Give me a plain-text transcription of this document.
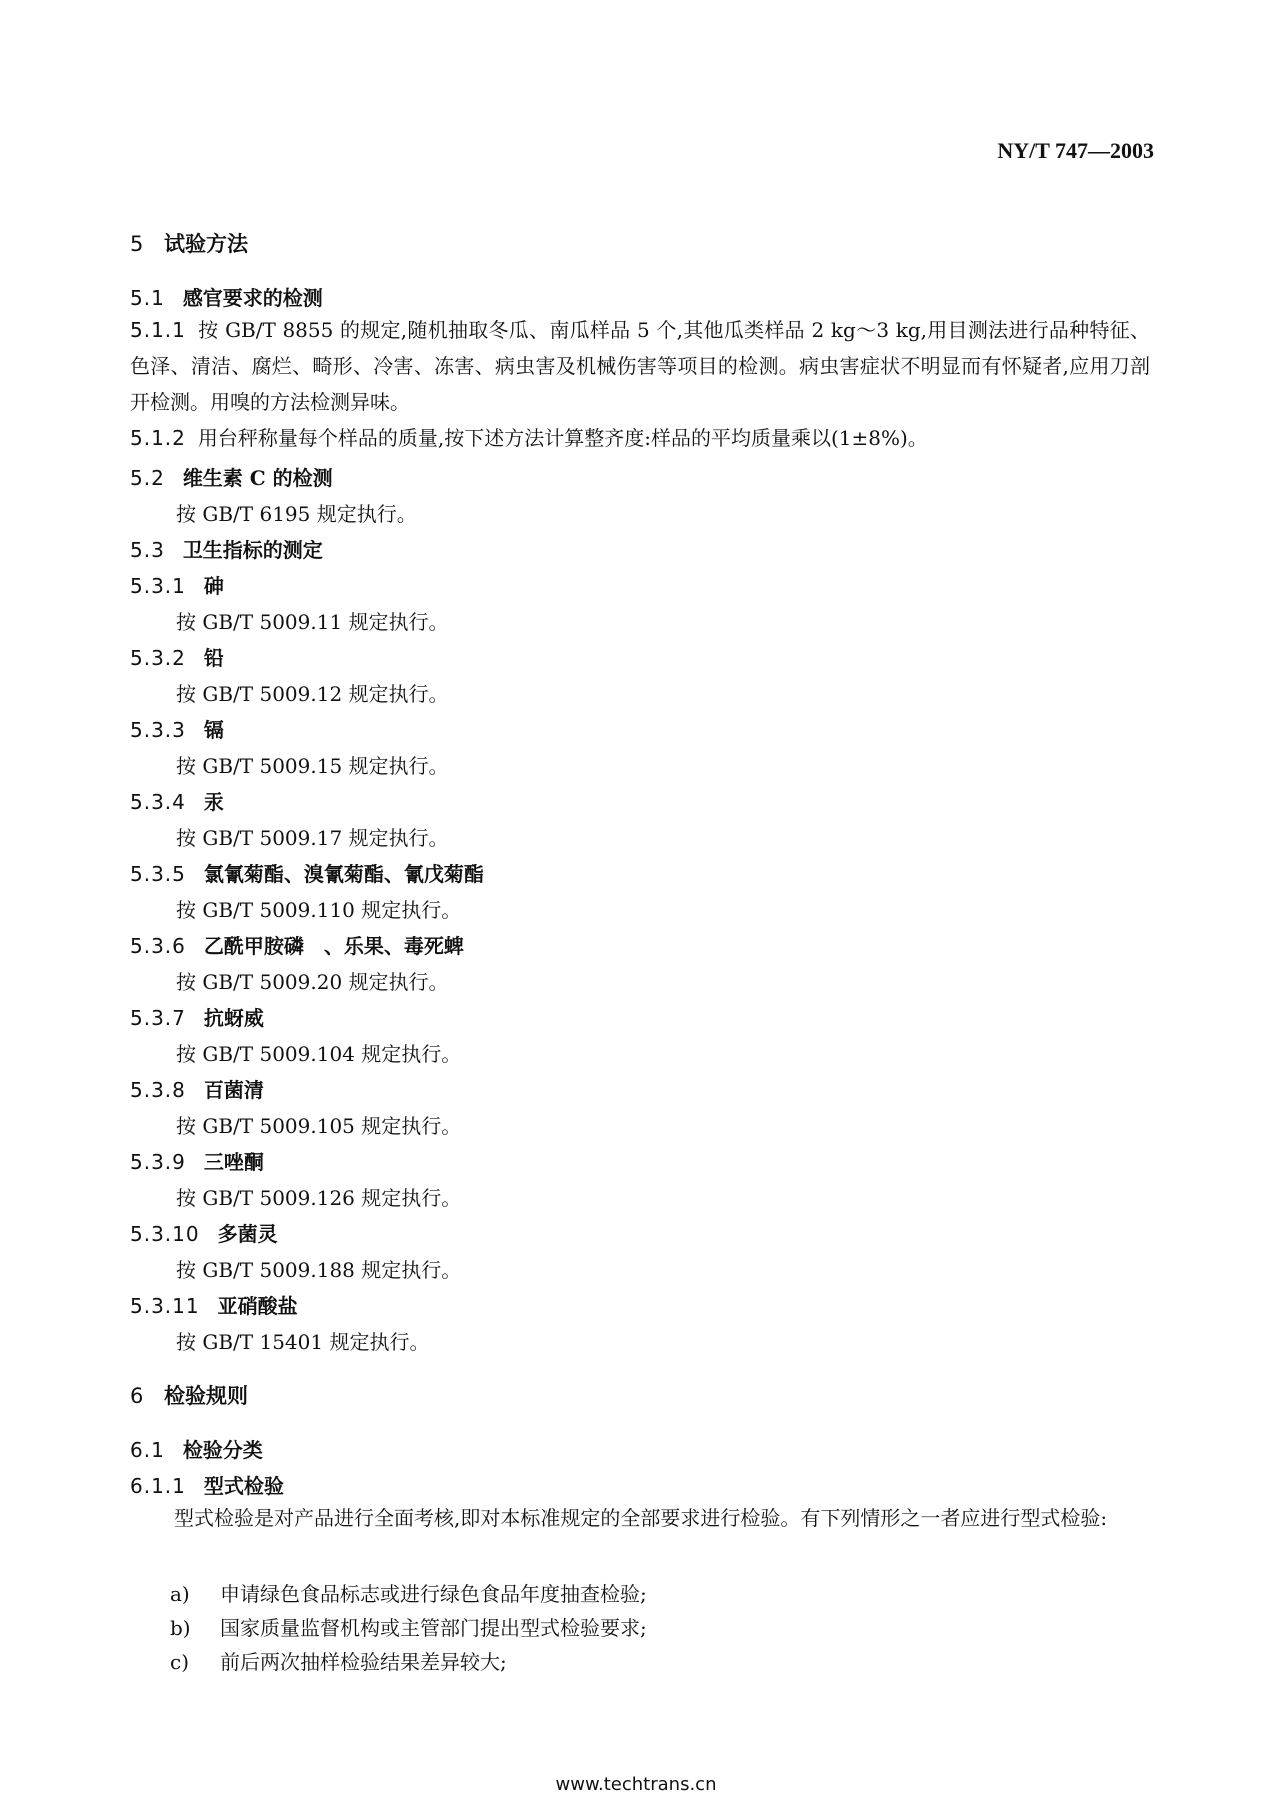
NY/T 747—2003
5 试验方法
5.1 感官要求的检测
5.1.1 按 GB/T 8855 的规定,随机抽取冬瓜、南瓜样品 5 个,其他瓜类样品 2 kg～3 kg,用目测法进行品种特征、色泽、清洁、腐烂、畸形、冷害、冻害、病虫害及机械伤害等项目的检测。病虫害症状不明显而有怀疑者,应用刀剖开检测。用嗅的方法检测异味。
5.1.2 用台秤称量每个样品的质量,按下述方法计算整齐度:样品的平均质量乘以(1±8%)。
5.2 维生素 C 的检测
按 GB/T 6195 规定执行。
5.3 卫生指标的测定
5.3.1 砷
按 GB/T 5009.11 规定执行。
5.3.2 铅
按 GB/T 5009.12 规定执行。
5.3.3 镉
按 GB/T 5009.15 规定执行。
5.3.4 汞
按 GB/T 5009.17 规定执行。
5.3.5 氯氰菊酯、溴氰菊酯、氰戊菊酯
按 GB/T 5009.110 规定执行。
5.3.6 乙酰甲胺磷　、乐果、毒死蜱
按 GB/T 5009.20 规定执行。
5.3.7 抗蚜威
按 GB/T 5009.104 规定执行。
5.3.8 百菌清
按 GB/T 5009.105 规定执行。
5.3.9 三唑酮
按 GB/T 5009.126 规定执行。
5.3.10 多菌灵
按 GB/T 5009.188 规定执行。
5.3.11 亚硝酸盐
按 GB/T 15401 规定执行。
6 检验规则
6.1 检验分类
6.1.1 型式检验
型式检验是对产品进行全面考核,即对本标准规定的全部要求进行检验。有下列情形之一者应进行型式检验:
a) 申请绿色食品标志或进行绿色食品年度抽查检验;
b) 国家质量监督机构或主管部门提出型式检验要求;
c) 前后两次抽样检验结果差异较大;
www.techtrans.cn
